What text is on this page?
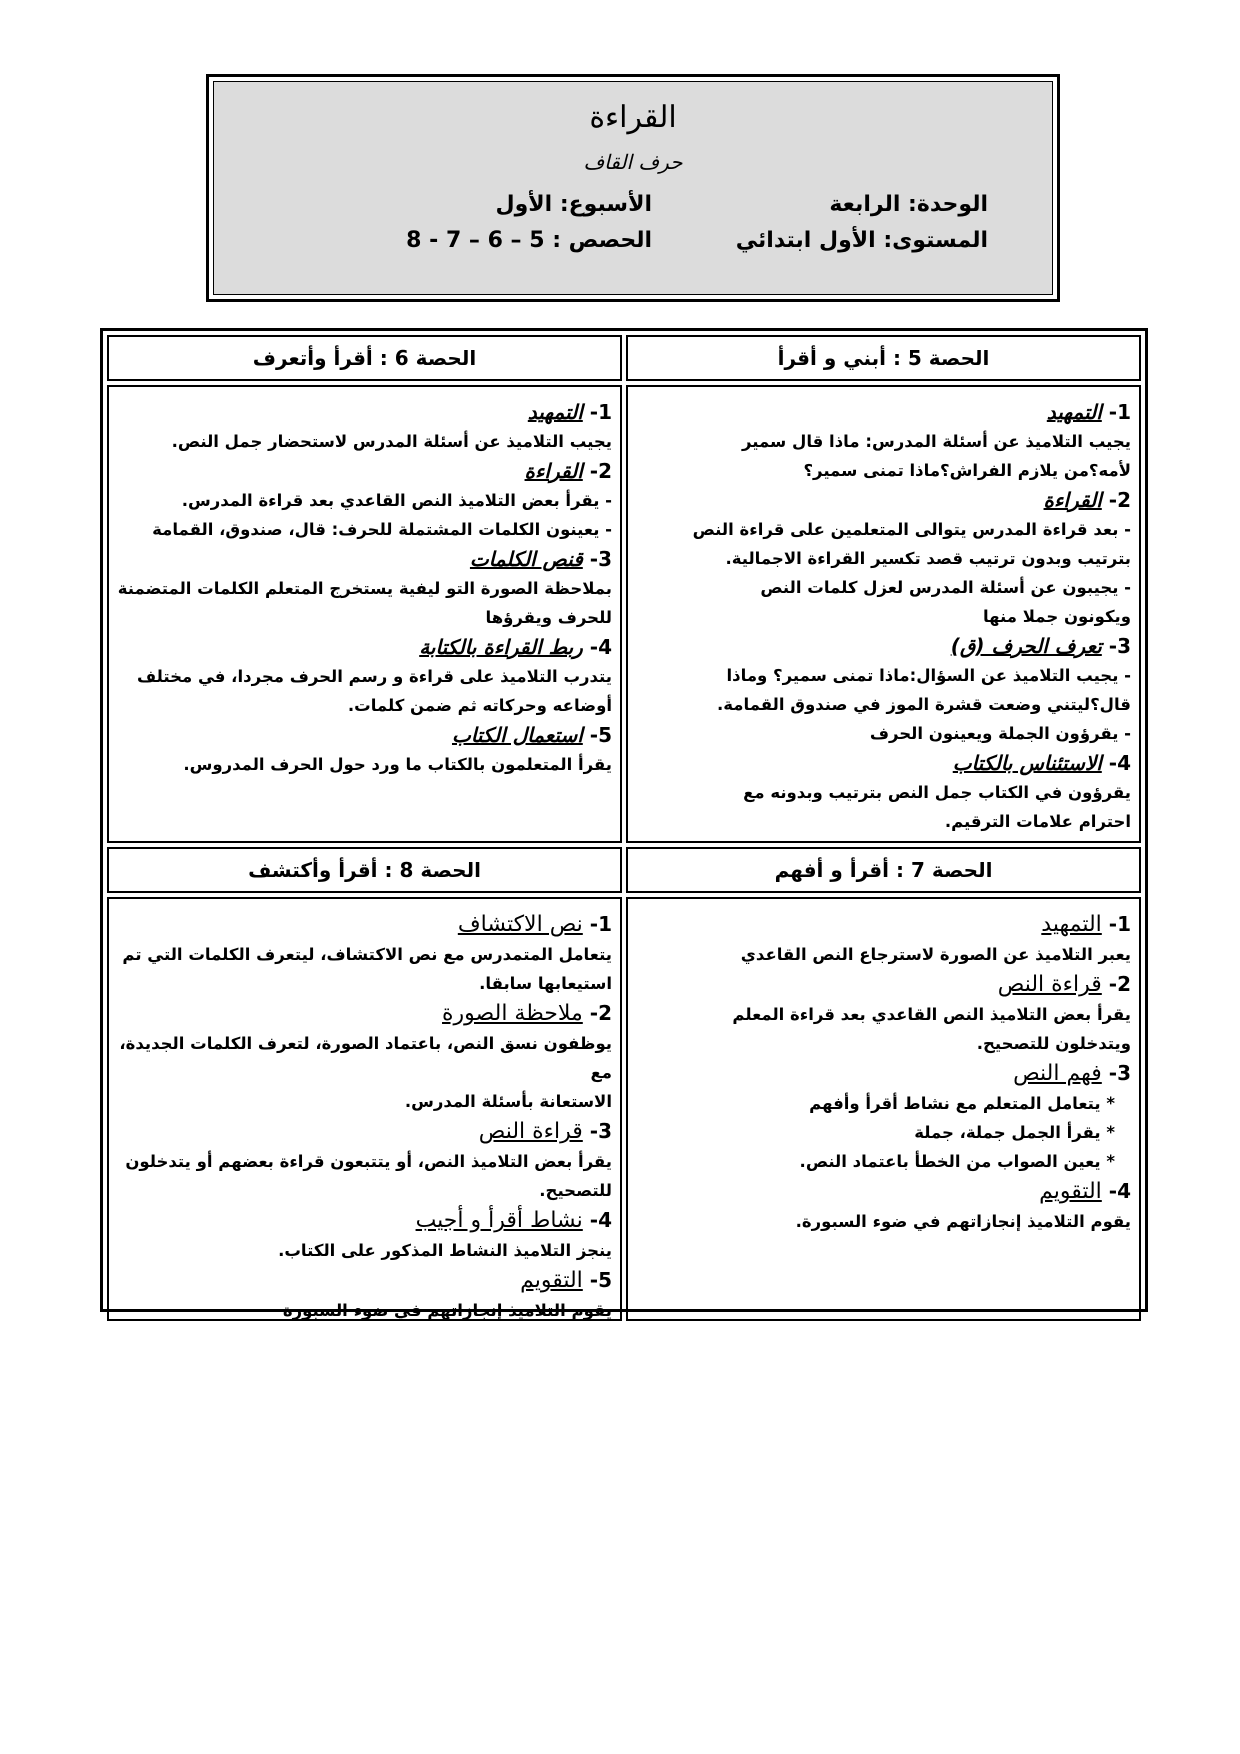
القراءة
حرف القاف
الوحدة: الرابعة
الأسبوع: الأول
المستوى: الأول ابتدائي
الحصص : 5 – 6 – 7 - 8
الحصة 5 : أبني و أقرأ
الحصة 6 : أقرأ وأتعرف
1- التمهيد
يجيب التلاميذ عن أسئلة المدرس: ماذا قال سمير
لأمه؟من يلازم الفراش؟ماذا تمنى سمير؟
2- القراءة
- بعد قراءة المدرس يتوالى المتعلمين على قراءة النص
بترتيب وبدون ترتيب قصد تكسير القراءة الاجمالية.
- يجيبون عن أسئلة المدرس لعزل كلمات النص
ويكونون جملا منها
3- تعرف الحرف (ق)
- يجيب التلاميذ عن السؤال:ماذا تمنى سمير؟ وماذا
قال؟ليتني وضعت قشرة الموز في صندوق القمامة.
- يقرؤون الجملة ويعينون الحرف
4- الاستئناس بالكتاب
يقرؤون في الكتاب جمل النص بترتيب وبدونه مع
احترام علامات الترقيم.
1- التمهيد
يجيب التلاميذ عن أسئلة المدرس لاستحضار جمل النص.
2- القراءة
- يقرأ بعض التلاميذ النص القاعدي بعد قراءة المدرس.
- يعينون الكلمات المشتملة للحرف: قال، صندوق، القمامة
3- قنص الكلمات
بملاحظة الصورة التو ليفية يستخرج المتعلم الكلمات المتضمنة
للحرف ويقرؤها
4- ربط القراءة بالكتابة
يتدرب التلاميذ على قراءة و رسم الحرف مجردا، في مختلف
أوضاعه وحركاته ثم ضمن كلمات.
5- استعمال الكتاب
يقرأ المتعلمون بالكتاب ما ورد حول الحرف المدروس.
الحصة 7 : أقرأ و أفهم
الحصة 8 : أقرأ وأكتشف
1- التمهيد
يعبر التلاميذ عن الصورة لاسترجاع النص القاعدي
2- قراءة النص
يقرأ بعض التلاميذ النص القاعدي بعد قراءة المعلم
ويتدخلون للتصحيح.
3- فهم النص
* يتعامل المتعلم مع نشاط أقرأ وأفهم
* يقرأ الجمل جملة، جملة
* يعين الصواب من الخطأ باعتماد النص.
4- التقويم
يقوم التلاميذ إنجازاتهم في ضوء السبورة.
1- نص الاكتشاف
يتعامل المتمدرس مع نص الاكتشاف، ليتعرف الكلمات التي تم
استيعابها سابقا.
2- ملاحظة الصورة
يوظفون نسق النص، باعتماد الصورة، لتعرف الكلمات الجديدة، مع
الاستعانة بأسئلة المدرس.
3- قراءة النص
يقرأ بعض التلاميذ النص، أو يتتبعون قراءة بعضهم أو يتدخلون
للتصحيح.
4- نشاط أقرأ و أجيب
ينجز التلاميذ النشاط المذكور على الكتاب.
5- التقويم
يقوم التلاميذ إنجازاتهم في ضوء السبورة
